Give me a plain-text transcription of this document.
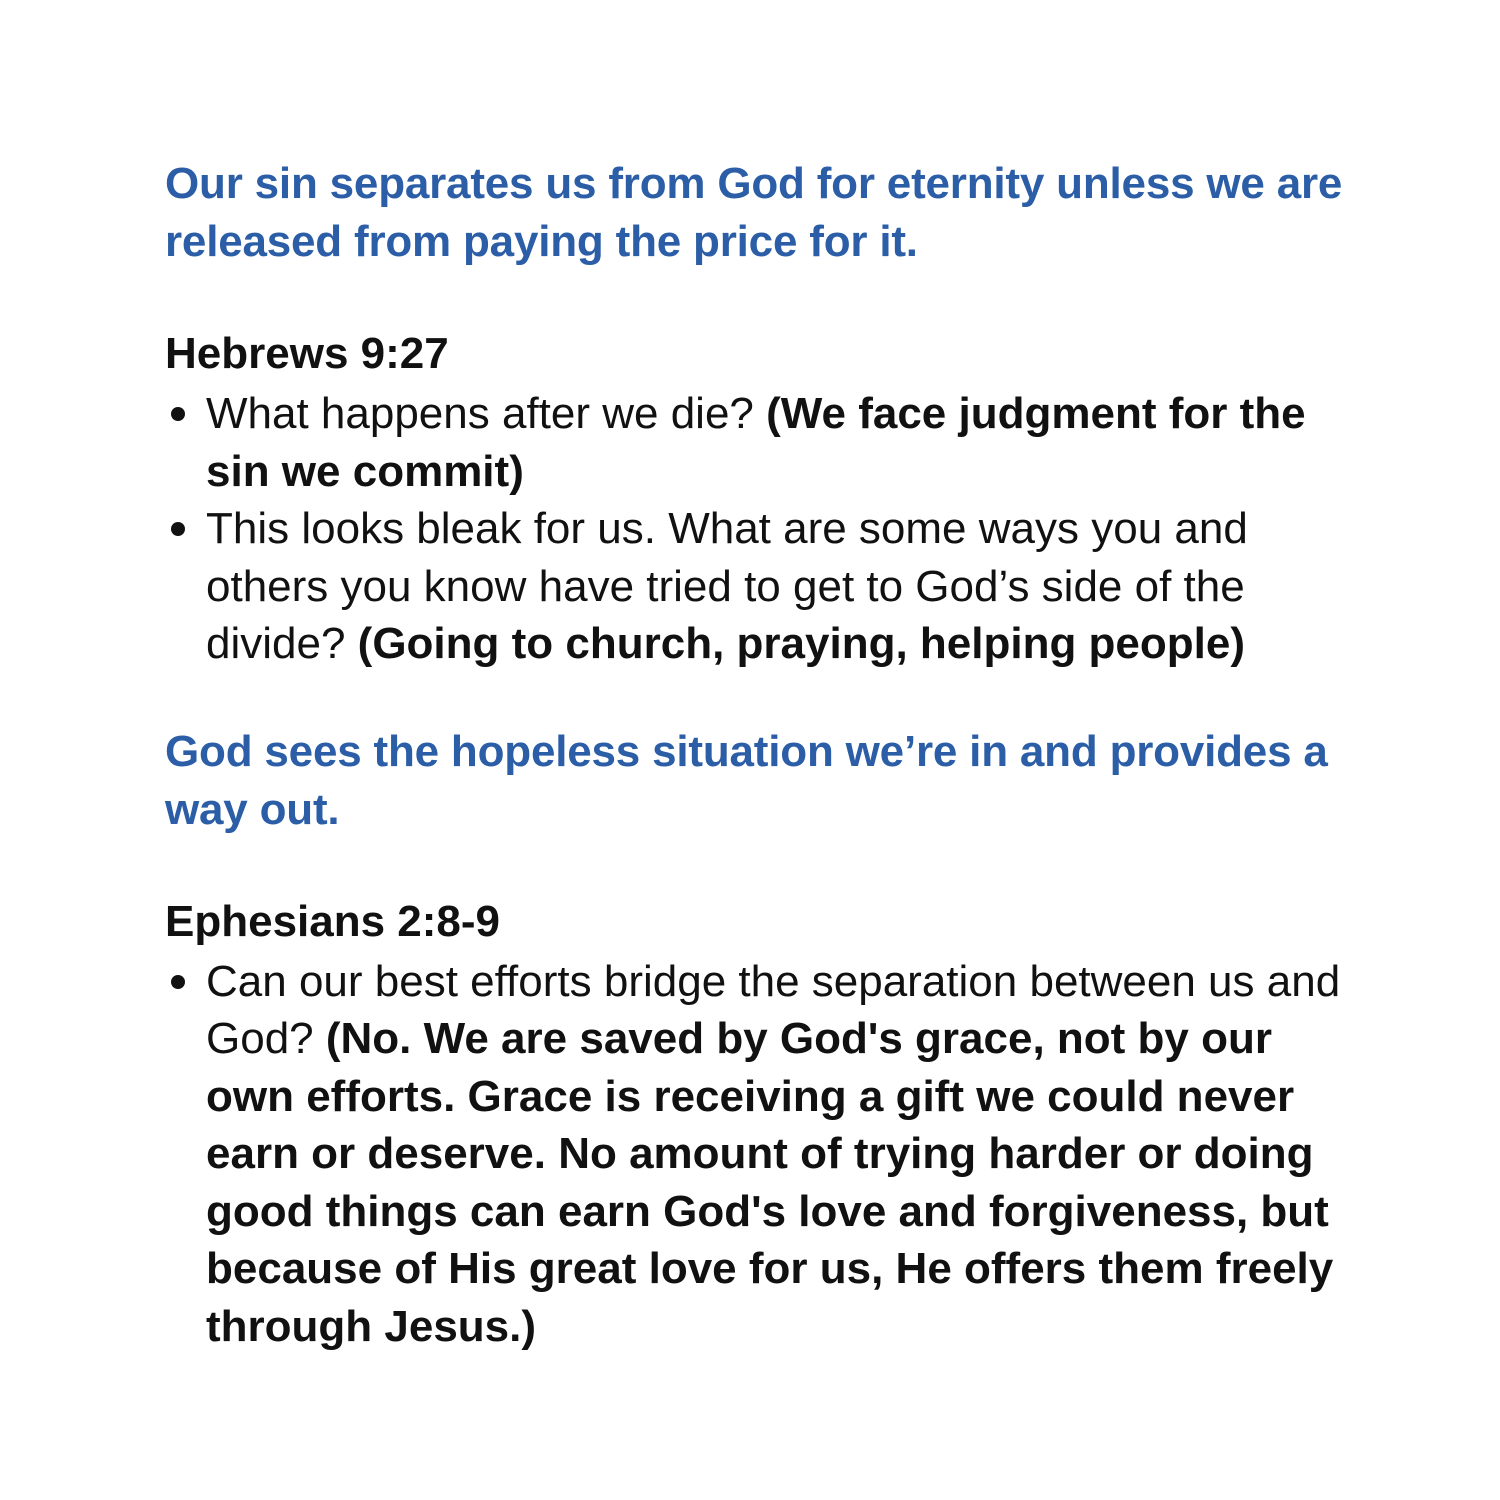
Our sin separates us from God for eternity unless we are released from paying the price for it.
Hebrews 9:27
What happens after we die? (We face judgment for the sin we commit)
This looks bleak for us. What are some ways you and others you know have tried to get to God’s side of the divide? (Going to church, praying, helping people)
God sees the hopeless situation we’re in and provides a way out.
Ephesians 2:8-9
Can our best efforts bridge the separation between us and God? (No. We are saved by God's grace, not by our own efforts. Grace is receiving a gift we could never earn or deserve. No amount of trying harder or doing good things can earn God's love and forgiveness, but because of His great love for us, He offers them freely through Jesus.)
